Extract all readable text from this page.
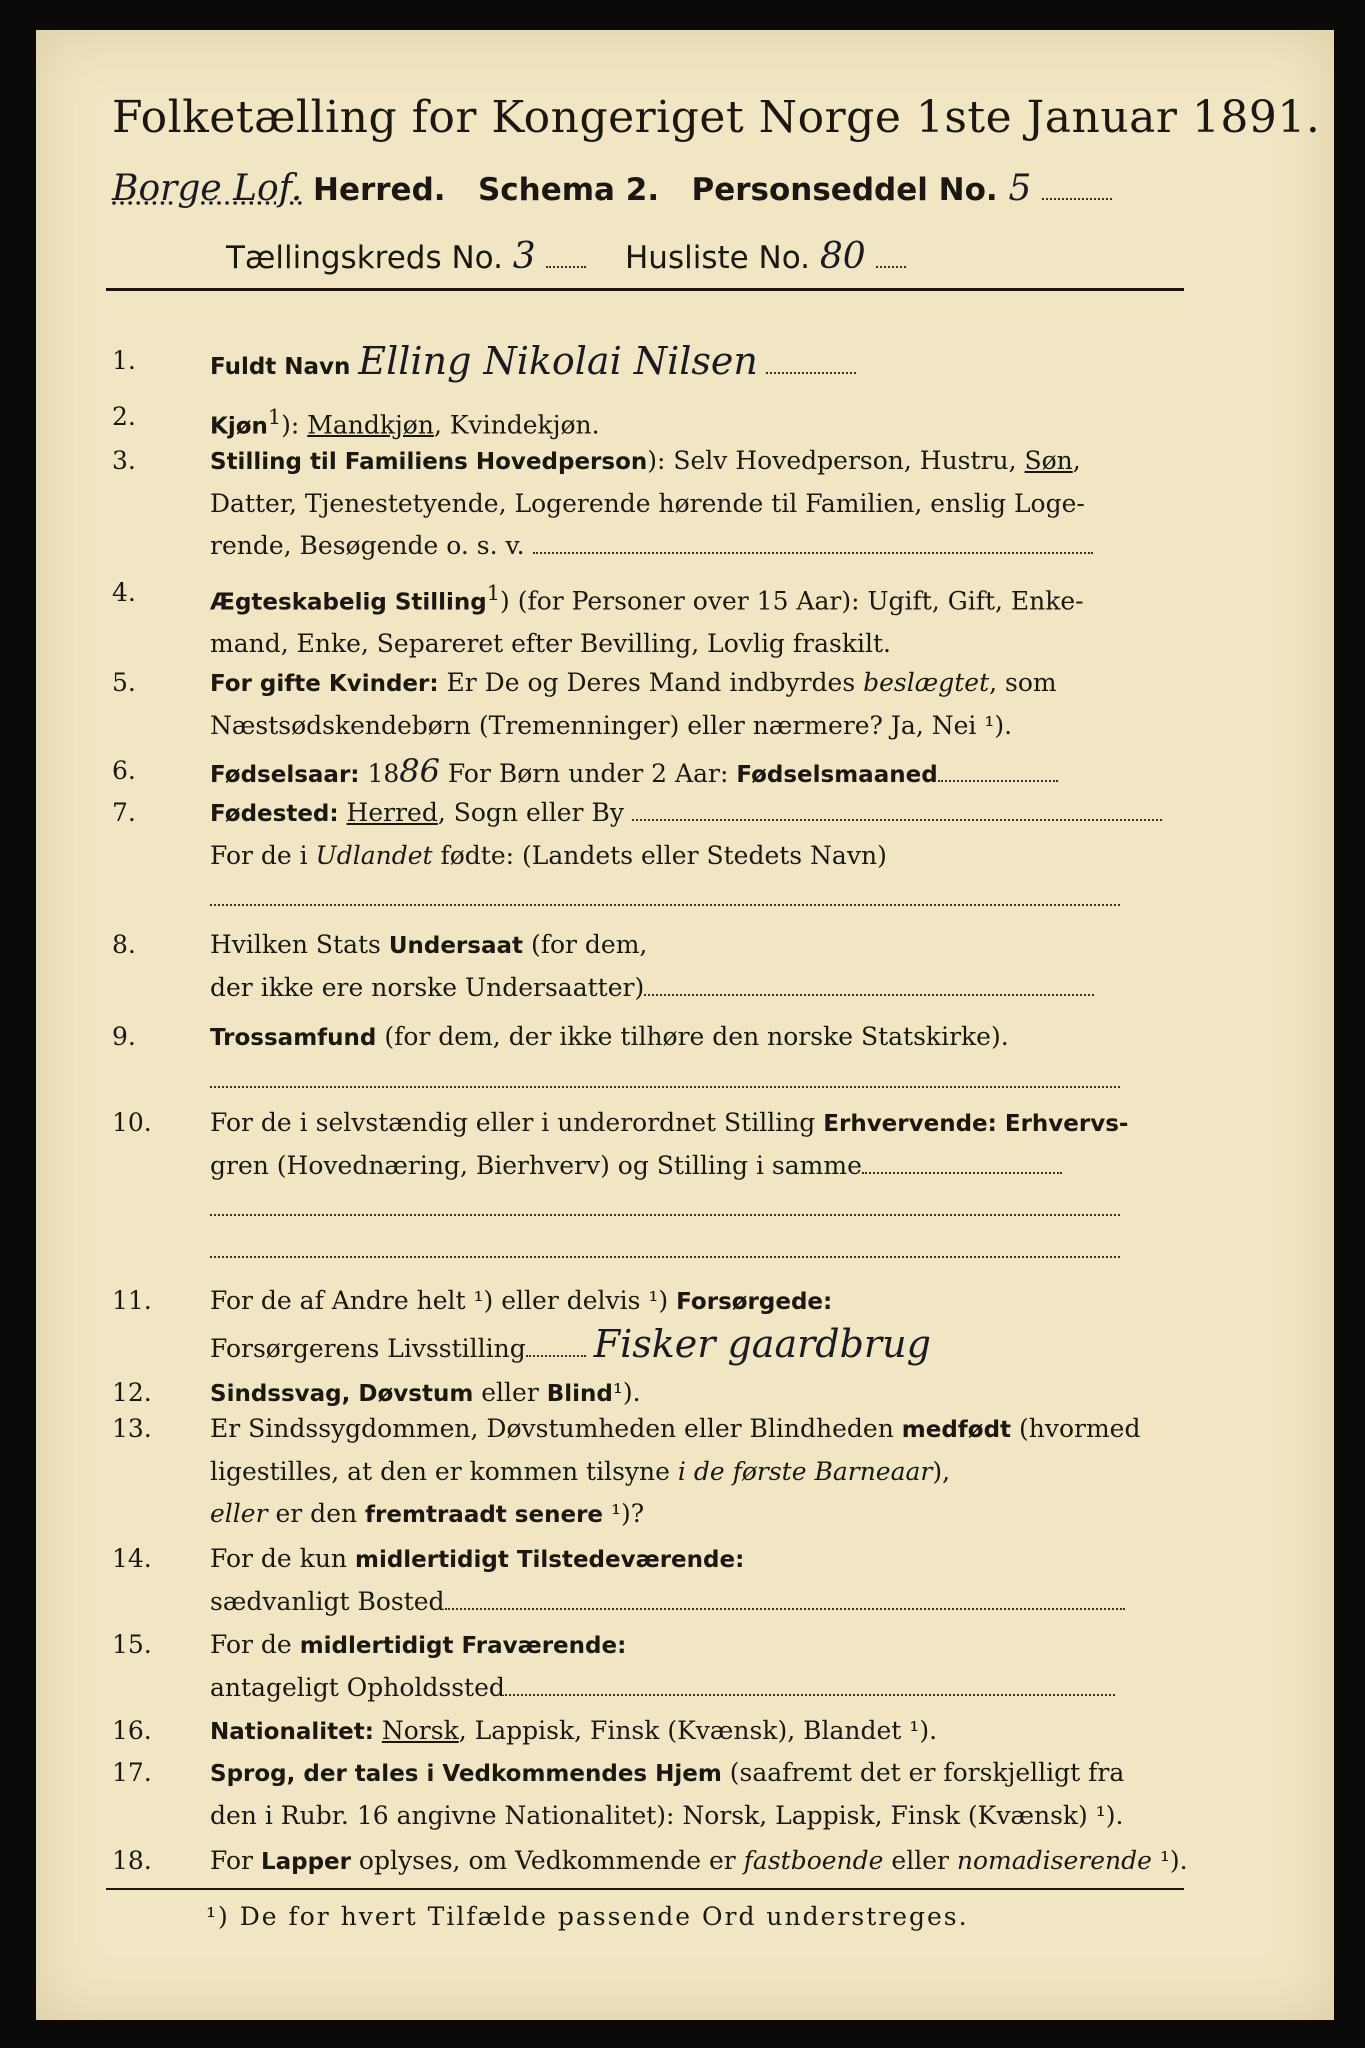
Folketælling for Kongeriget Norge 1ste Januar 1891.
Borge Lof. Herred. Schema 2. Personseddel No. 5
Tællingskreds No. 3	Husliste No. 80
1.	Fuldt Navn Elling Nikolai Nilsen
2.	Kjøn$^1$): Mandkjøn, Kvindekjøn.
3.	Stilling til Familiens Hovedperson): Selv Hovedperson, Hustru, Søn,
Datter, Tjenestetyende, Logerende hørende til Familien, enslig Loge-
rende, Besøgende o. s. v.
4.	Ægteskabelig Stilling$^1$) (for Personer over 15 Aar): Ugift, Gift, Enke-
mand, Enke, Separeret efter Bevilling, Lovlig fraskilt.
5.	For gifte Kvinder: Er De og Deres Mand indbyrdes beslægtet, som
Næstsødskendebørn (Tremenninger) eller nærmere? Ja, Nei ¹).
6.	Fødselsaar: 1886 For Børn under 2 Aar: Fødselsmaaned
7.	Fødested: Herred, Sogn eller By
For de i Udlandet fødte: (Landets eller Stedets Navn)
8.	Hvilken Stats Undersaat (for dem,
der ikke ere norske Undersaatter)
9.	Trossamfund (for dem, der ikke tilhøre den norske Statskirke).
10.	For de i selvstændig eller i underordnet Stilling Erhvervende: Erhvervs-
gren (Hovednæring, Bierhverv) og Stilling i samme
11.	For de af Andre helt ¹) eller delvis ¹) Forsørgede:
Forsørgerens Livsstilling Fisker gaardbrug
12.	Sindssvag, Døvstum eller Blind¹).
13.	Er Sindssygdommen, Døvstumheden eller Blindheden medfødt (hvormed
ligestilles, at den er kommen tilsyne i de første Barneaar),
eller er den fremtraadt senere ¹)?
14.	For de kun midlertidigt Tilstedeværende:
sædvanligt Bosted
15.	For de midlertidigt Fraværende:
antageligt Opholdssted
16.	Nationalitet: Norsk, Lappisk, Finsk (Kvænsk), Blandet ¹).
17.	Sprog, der tales i Vedkommendes Hjem (saafremt det er forskjelligt fra
den i Rubr. 16 angivne Nationalitet): Norsk, Lappisk, Finsk (Kvænsk) ¹).
18.	For Lapper oplyses, om Vedkommende er fastboende eller nomadiserende ¹).
¹) De for hvert Tilfælde passende Ord understreges.
